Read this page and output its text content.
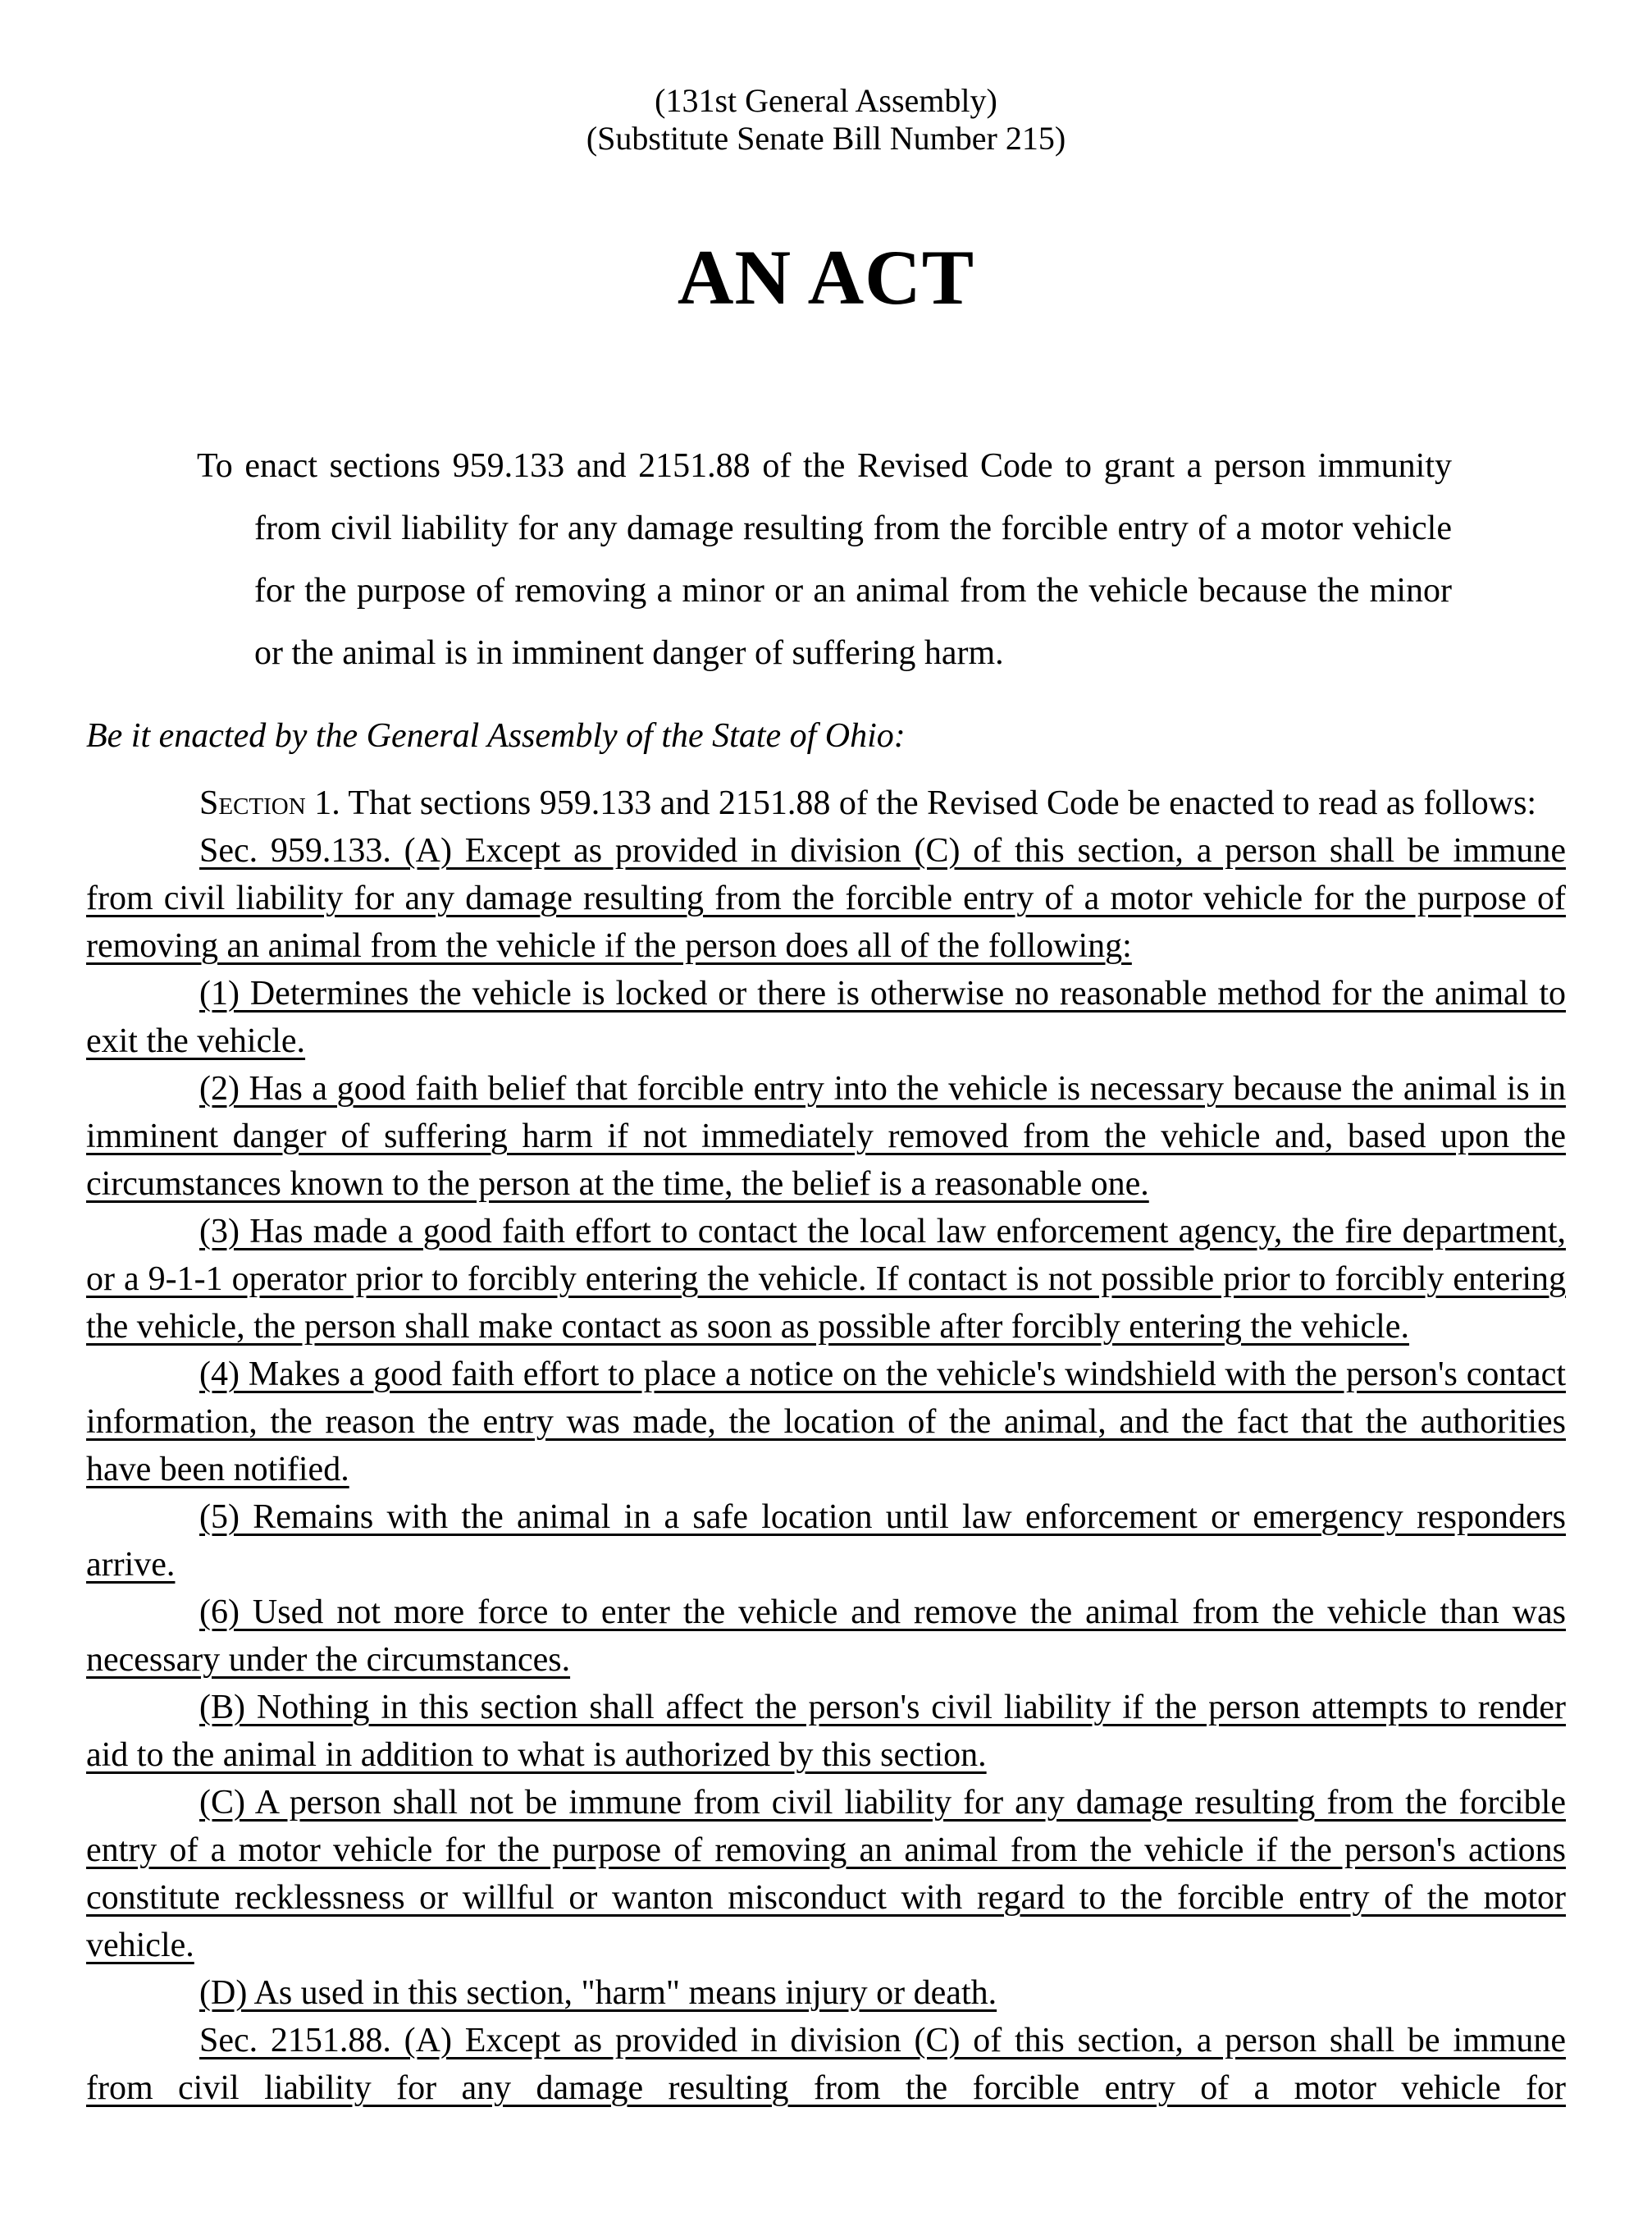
(131st General Assembly)
(Substitute Senate Bill Number 215)
AN ACT
To enact sections 959.133 and 2151.88 of the Revised Code to grant a person immunity from civil liability for any damage resulting from the forcible entry of a motor vehicle for the purpose of removing a minor or an animal from the vehicle because the minor or the animal is in imminent danger of suffering harm.

Be it enacted by the General Assembly of the State of Ohio:

Section 1. That sections 959.133 and 2151.88 of the Revised Code be enacted to read as follows:

Sec. 959.133. (A) Except as provided in division (C) of this section, a person shall be immune from civil liability for any damage resulting from the forcible entry of a motor vehicle for the purpose of removing an animal from the vehicle if the person does all of the following:

(1) Determines the vehicle is locked or there is otherwise no reasonable method for the animal to exit the vehicle.

(2) Has a good faith belief that forcible entry into the vehicle is necessary because the animal is in imminent danger of suffering harm if not immediately removed from the vehicle and, based upon the circumstances known to the person at the time, the belief is a reasonable one.

(3) Has made a good faith effort to contact the local law enforcement agency, the fire department, or a 9-1-1 operator prior to forcibly entering the vehicle. If contact is not possible prior to forcibly entering the vehicle, the person shall make contact as soon as possible after forcibly entering the vehicle.

(4) Makes a good faith effort to place a notice on the vehicle's windshield with the person's contact information, the reason the entry was made, the location of the animal, and the fact that the authorities have been notified.

(5) Remains with the animal in a safe location until law enforcement or emergency responders arrive.

(6) Used not more force to enter the vehicle and remove the animal from the vehicle than was necessary under the circumstances.

(B) Nothing in this section shall affect the person's civil liability if the person attempts to render aid to the animal in addition to what is authorized by this section.

(C) A person shall not be immune from civil liability for any damage resulting from the forcible entry of a motor vehicle for the purpose of removing an animal from the vehicle if the person's actions constitute recklessness or willful or wanton misconduct with regard to the forcible entry of the motor vehicle.

(D) As used in this section, "harm" means injury or death.

Sec. 2151.88. (A) Except as provided in division (C) of this section, a person shall be immune from civil liability for any damage resulting from the forcible entry of a motor vehicle for
